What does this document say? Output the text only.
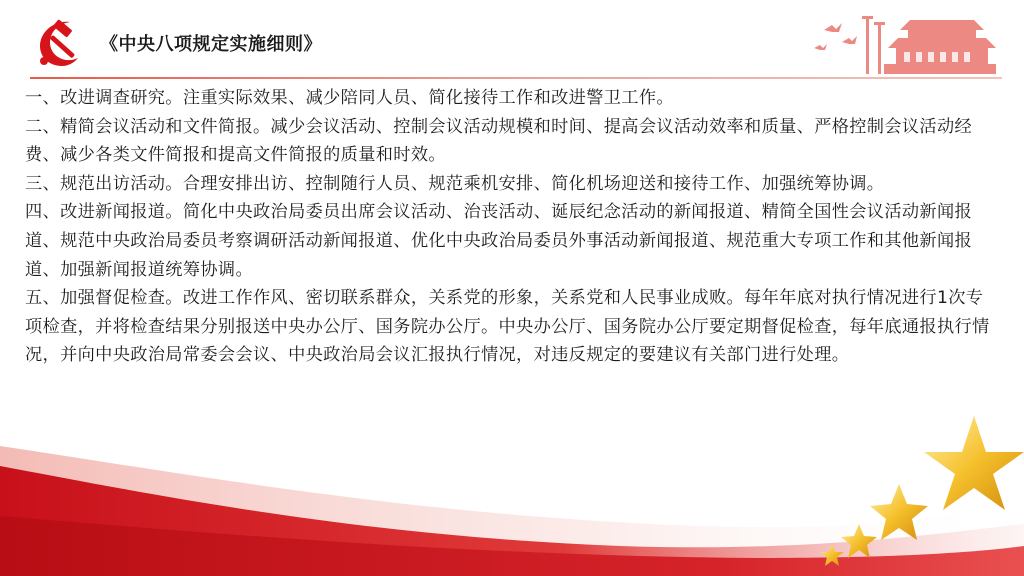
《中央八项规定实施细则》

一、改进调查研究。注重实际效果、减少陪同人员、简化接待工作和改进警卫工作。

二、精简会议活动和文件简报。减少会议活动、控制会议活动规模和时间、提高会议活动效率和质量、严格控制会议活动经费、减少各类文件简报和提高文件简报的质量和时效。

三、规范出访活动。合理安排出访、控制随行人员、规范乘机安排、简化机场迎送和接待工作、加强统筹协调。

四、改进新闻报道。简化中央政治局委员出席会议活动、治丧活动、诞辰纪念活动的新闻报道、精简全国性会议活动新闻报道、规范中央政治局委员考察调研活动新闻报道、优化中央政治局委员外事活动新闻报道、规范重大专项工作和其他新闻报道、加强新闻报道统筹协调。

五、加强督促检查。改进工作作风、密切联系群众，关系党的形象，关系党和人民事业成败。每年年底对执行情况进行1次专项检查，并将检查结果分别报送中央办公厅、国务院办公厅。中央办公厅、国务院办公厅要定期督促检查，每年底通报执行情况，并向中央政治局常委会会议、中央政治局会议汇报执行情况，对违反规定的要建议有关部门进行处理。
